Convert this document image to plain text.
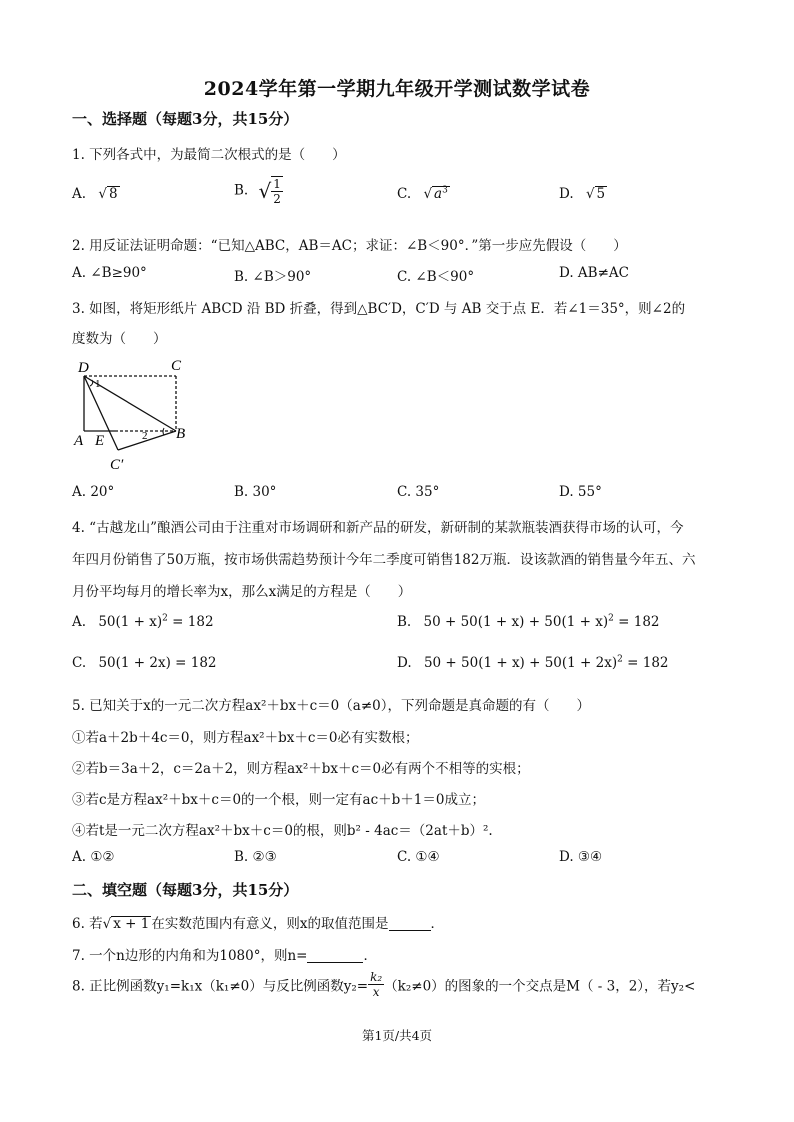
2024学年第一学期九年级开学测试数学试卷
一、选择题（每题3分，共15分）
1. 下列各式中，为最简二次根式的是（　　）
A. √ 8	B. √ $\frac{1}{2}$	C. √ $a^3$	D. √ 5
2. 用反证法证明命题：“已知△ABC，AB＝AC；求证：∠B＜90°．”第一步应先假设（　　）
A. ∠B≥90°	B. ∠B＞90°	C. ∠B＜90°	D. AB≠AC
3. 如图，将矩形纸片 ABCD 沿 BD 折叠，得到△BC′D，C′D 与 AB 交于点 E．若∠1＝35°，则∠2的
度数为（　　）
D	C
A E	B
C′
1
2
A. 20°	B. 30°	C. 35°	D. 55°
4. “古越龙山”酿酒公司由于注重对市场调研和新产品的研发，新研制的某款瓶装酒获得市场的认可，今
年四月份销售了50万瓶，按市场供需趋势预计今年二季度可销售182万瓶．设该款酒的销售量今年五、六
月份平均每月的增长率为x，那么x满足的方程是（　　）
A. $50(1 + x)^2 = 182$	B. $50 + 50(1 + x) + 50(1 + x)^2 = 182$
C. 50(1 + 2x) = 182	D. $50 + 50(1 + x) + 50(1 + 2x)^2 = 182$
5. 已知关于x的一元二次方程ax²＋bx＋c＝0（a≠0），下列命题是真命题的有（　　）
①若a＋2b＋4c＝0，则方程ax²＋bx＋c＝0必有实数根；
②若b＝3a＋2，c＝2a＋2，则方程ax²＋bx＋c＝0必有两个不相等的实根；
③若c是方程ax²＋bx＋c＝0的一个根，则一定有ac＋b＋1＝0成立；
④若t是一元二次方程ax²＋bx＋c＝0的根，则b² - 4ac＝（2at＋b）².
A. ①②	B. ②③	C. ①④	D. ③④
二、填空题（每题3分，共15分）
6. 若√ x + 1 在实数范围内有意义，则x的取值范围是	．
7. 一个n边形的内角和为1080°，则n=	．
8. 正比例函数y₁=k₁x（k₁≠0）与反比例函数$y_2= \frac{\text{k₂}}{x} (k_2\ne 0)$的图象的一个交点是M（ - 3，2），若y₂<
第1页/共4页
